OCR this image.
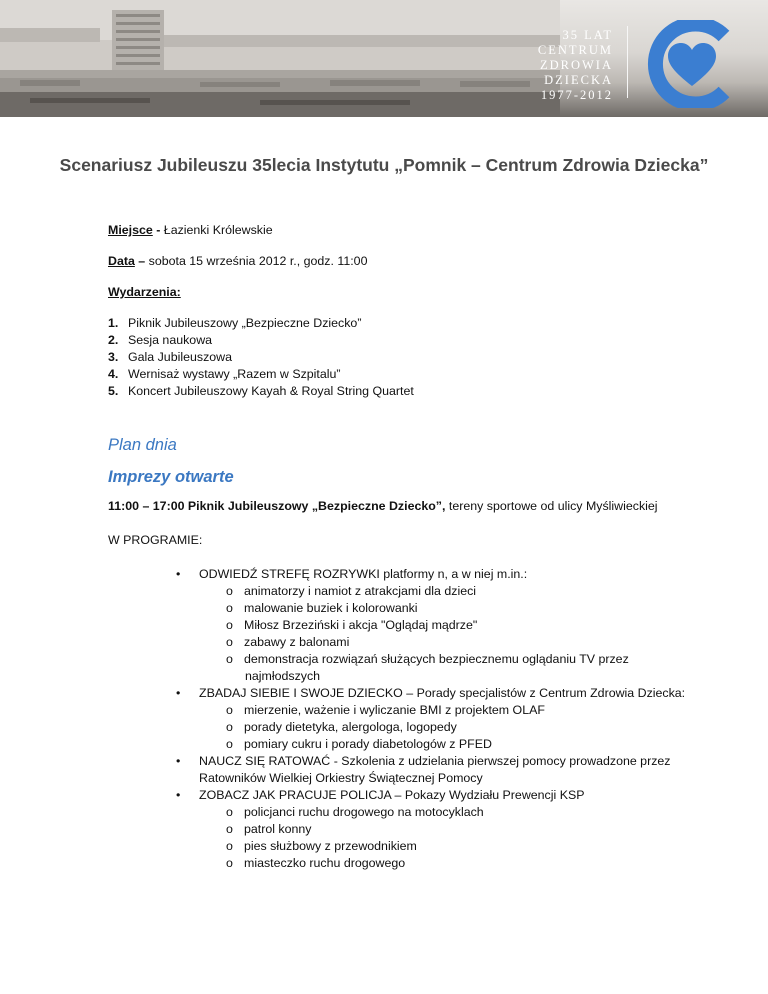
35 LAT
CENTRUM
ZDROWIA
DZIECKA
1977-2012
Scenariusz Jubileuszu 35lecia Instytutu „Pomnik – Centrum Zdrowia Dziecka”
Miejsce - Łazienki Królewskie
Data – sobota 15 września 2012 r., godz. 11:00
Wydarzenia:
1. Piknik Jubileuszowy „Bezpieczne Dziecko”
2. Sesja naukowa
3. Gala Jubileuszowa
4. Wernisaż wystawy „Razem w Szpitalu”
5. Koncert Jubileuszowy Kayah & Royal String Quartet
Plan dnia
Imprezy otwarte
11:00 – 17:00 Piknik Jubileuszowy „Bezpieczne Dziecko”, tereny sportowe od ulicy Myśliwieckiej
W PROGRAMIE:
• ODWIEDŹ STREFĘ ROZRYWKI platformy n, a w niej m.in.:
o animatorzy i namiot z atrakcjami dla dzieci
o malowanie buziek i kolorowanki
o Miłosz Brzeziński i akcja "Oglądaj mądrze"
o zabawy z balonami
o demonstracja rozwiązań służących bezpiecznemu oglądaniu TV przez
najmłodszych
• ZBADAJ SIEBIE I SWOJE DZIECKO – Porady specjalistów z Centrum Zdrowia Dziecka:
o mierzenie, ważenie i wyliczanie BMI z projektem OLAF
o porady dietetyka, alergologa, logopedy
o pomiary cukru i porady diabetologów z PFED
• NAUCZ SIĘ RATOWAĆ - Szkolenia z udzielania pierwszej pomocy prowadzone przez
Ratowników Wielkiej Orkiestry Świątecznej Pomocy
• ZOBACZ JAK PRACUJE POLICJA – Pokazy Wydziału Prewencji KSP
o policjanci ruchu drogowego na motocyklach
o patrol konny
o pies służbowy z przewodnikiem
o miasteczko ruchu drogowego
